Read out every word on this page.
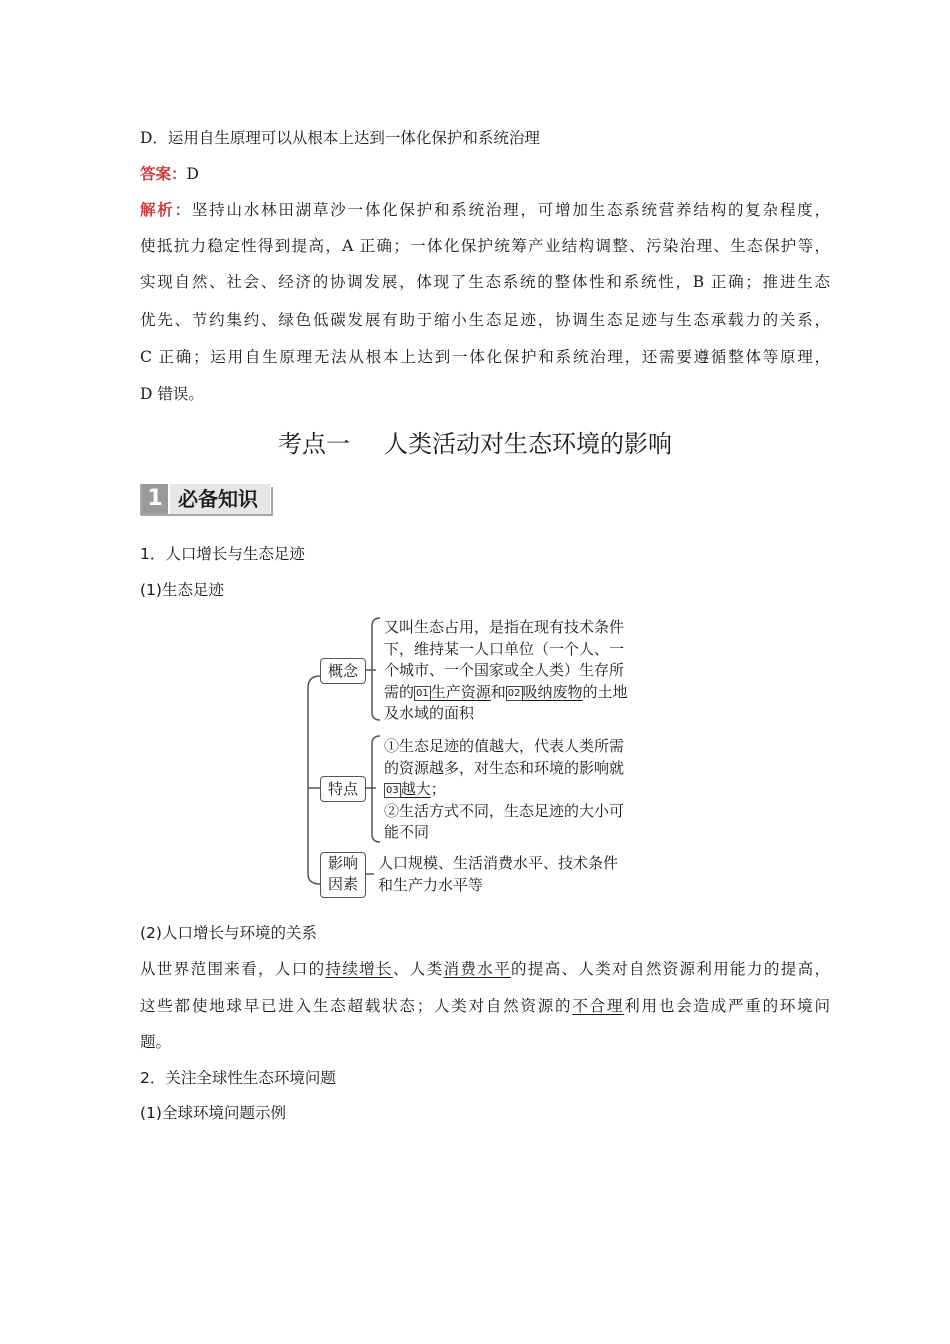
D．运用自生原理可以从根本上达到一体化保护和系统治理
答案：D
解析：坚持山水林田湖草沙一体化保护和系统治理，可增加生态系统营养结构的复杂程度，
使抵抗力稳定性得到提高，A 正确；一体化保护统筹产业结构调整、污染治理、生态保护等，
实现自然、社会、经济的协调发展，体现了生态系统的整体性和系统性，B 正确；推进生态
优先、节约集约、绿色低碳发展有助于缩小生态足迹，协调生态足迹与生态承载力的关系，
C 正确；运用自生原理无法从根本上达到一体化保护和系统治理，还需要遵循整体等原理，
D 错误。
考点一 人类活动对生态环境的影响
1 必备知识
1．人口增长与生态足迹
(1)生态足迹
概念
又叫生态占用，是指在现有技术条件
下，维持某一人口单位（一个人、一
个城市、一个国家或全人类）生存所
需的 01 生产资源和 02 吸纳废物的土地
及水域的面积
特点
①生态足迹的值越大，代表人类所需
的资源越多，对生态和环境的影响就
03 越大；
②生活方式不同，生态足迹的大小可
能不同
影响
因素
人口规模、生活消费水平、技术条件
和生产力水平等
(2)人口增长与环境的关系
从世界范围来看，人口的持续增长、人类消费水平的提高、人类对自然资源利用能力的提高，
这些都使地球早已进入生态超载状态；人类对自然资源的不合理利用也会造成严重的环境问
题。
2．关注全球性生态环境问题
(1)全球环境问题示例
